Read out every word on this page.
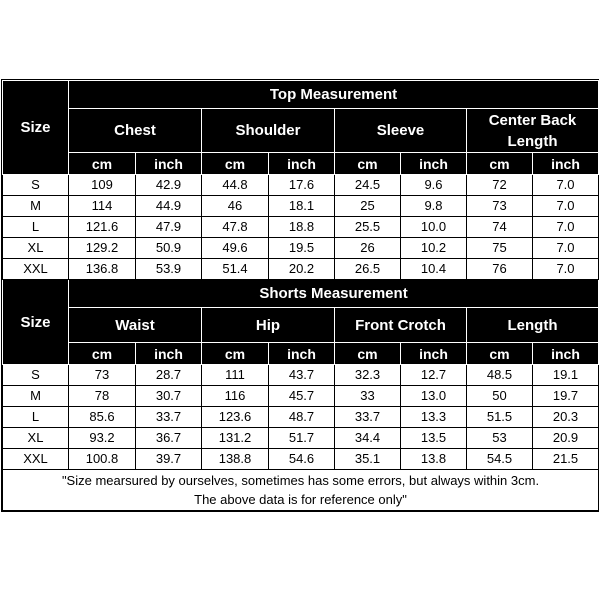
Size	Top Measurement							
	Chest		Shoulder		Sleeve		Center Back Length	
	cm	inch	cm	inch	cm	inch	cm	inch
S	109	42.9	44.8	17.6	24.5	9.6	72	7.0
M	114	44.9	46	18.1	25	9.8	73	7.0
L	121.6	47.9	47.8	18.8	25.5	10.0	74	7.0
XL	129.2	50.9	49.6	19.5	26	10.2	75	7.0
XXL	136.8	53.9	51.4	20.2	26.5	10.4	76	7.0
Size	Shorts Measurement							
	Waist		Hip		Front Crotch		Length	
	cm	inch	cm	inch	cm	inch	cm	inch
S	73	28.7	111	43.7	32.3	12.7	48.5	19.1
M	78	30.7	116	45.7	33	13.0	50	19.7
L	85.6	33.7	123.6	48.7	33.7	13.3	51.5	20.3
XL	93.2	36.7	131.2	51.7	34.4	13.5	53	20.9
XXL	100.8	39.7	138.8	54.6	35.1	13.8	54.5	21.5

"Size mearsured by ourselves, sometimes has some errors, but always within 3cm.
The above data is for reference only"								
